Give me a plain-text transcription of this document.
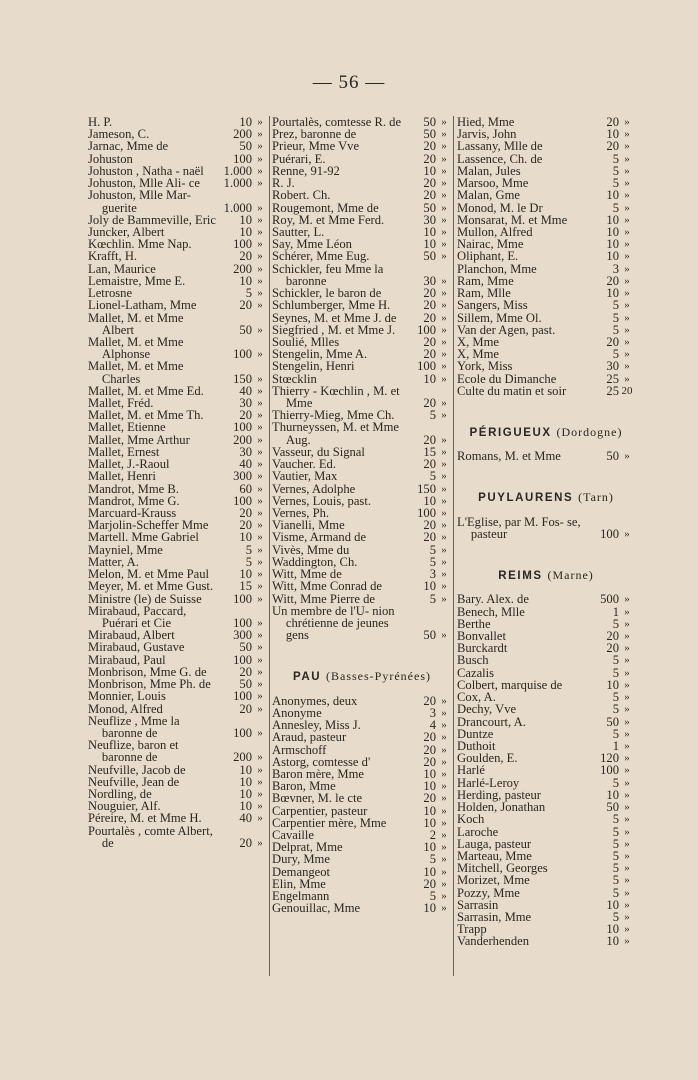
— 56 —
H. P.	10 »
Jameson, C.	200 »
Jarnac, Mme de	50 »
Johuston	100 »
Johuston , Natha - naël	1.000 »
Johuston, Mlle Ali- ce	1.000 »
Johuston, Mlle Mar- guerite	1.000 »
Joly de Bammeville, Eric	10 »
Juncker, Albert	10 »
Kœchlin. Mme Nap.	100 »
Krafft, H.	20 »
Lan, Maurice	200 »
Lemaistre, Mme E.	10 »
Letrosne	5 »
Lionel-Latham, Mme	20 »
Mallet, M. et Mme Albert	50 »
Mallet, M. et Mme Alphonse	100 »
Mallet, M. et Mme Charles	150 »
Mallet, M. et Mme Ed.	40 »
Mallet, Fréd.	30 »
Mallet, M. et Mme Th.	20 »
Mallet, Etienne	100 »
Mallet, Mme Arthur	200 »
Mallet, Ernest	30 »
Mallet, J.-Raoul	40 »
Mallet, Henri	300 »
Mandrot, Mme B.	60 »
Mandrot, Mme G.	100 »
Marcuard-Krauss	20 »
Marjolin-Scheffer Mme	20 »
Martell. Mme Gabriel	10 »
Mayniel, Mme	5 »
Matter, A.	5 »
Melon, M. et Mme Paul	10 »
Meyer, M. et Mme Gust.	15 »
Ministre (le) de Suisse	100 »
Mirabaud, Paccard, Puérari et Cie	100 »
Mirabaud, Albert	300 »
Mirabaud, Gustave	50 »
Mirabaud, Paul	100 »
Monbrison, Mme G. de	20 »
Monbrison, Mme Ph. de	50 »
Monnier, Louis	100 »
Monod, Alfred	20 »
Neuflize , Mme la baronne de	100 »
Neuflize, baron et baronne de	200 »
Neufville, Jacob de	10 »
Neufville, Jean de	10 »
Nordling, de	10 »
Nouguier, Alf.	10 »
Péreire, M. et Mme H.	40 »
Pourtalès , comte Albert, de	20 »
Pourtalès, comtesse R. de	50 »
Prez, baronne de	50 »
Prieur, Mme Vve	20 »
Puérari, E.	20 »
Renne, 91-92	10 »
R. J.	20 »
Robert. Ch.	20 »
Rougemont, Mme de	50 »
Roy, M. et Mme Ferd.	30 »
Sautter, L.	10 »
Say, Mme Léon	10 »
Schérer, Mme Eug.	50 »
Schickler, feu Mme la baronne	30 »
Schickler, le baron de	20 »
Schlumberger, Mme H.	20 »
Seynes, M. et Mme J. de	20 »
Siegfried , M. et Mme J.	100 »
Soulié, Mlles	20 »
Stengelin, Mme A.	20 »
Stengelin, Henri	100 »
Stœcklin	10 »
Thierry - Kœchlin , M. et Mme	20 »
Thierry-Mieg, Mme Ch.	5 »
Thurneyssen, M. et Mme Aug.	20 »
Vasseur, du Signal	15 »
Vaucher. Ed.	20 »
Vautier, Max	5 »
Vernes, Adolphe	150 »
Vernes, Louis, past.	10 »
Vernes, Ph.	100 »
Vianelli, Mme	20 »
Visme, Armand de	20 »
Vivès, Mme du	5 »
Waddington, Ch.	5 »
Witt, Mme de	3 »
Witt, Mme Conrad de	10 »
Witt, Mme Pierre de	5 »
Un membre de l'U- nion chrétienne de jeunes gens	50 »
PAU (Basses-Pyrénées)
Anonymes, deux	20 »
Anonyme	3 »
Annesley, Miss J.	4 »
Araud, pasteur	20 »
Armschoff	20 »
Astorg, comtesse d'	20 »
Baron mère, Mme	10 »
Baron, Mme	10 »
Bœvner, M. le cte	20 »
Carpentier, pasteur	10 »
Carpentier mère, Mme	10 »
Cavaille	2 »
Delprat, Mme	10 »
Dury, Mme	5 »
Demangeot	10 »
Elin, Mme	20 »
Engelmann	5 »
Genouillac, Mme	10 »
Hied, Mme	20 »
Jarvis, John	10 »
Lassany, Mlle de	20 »
Lassence, Ch. de	5 »
Malan, Jules	5 »
Marsoo, Mme	5 »
Malan, Gme	10 »
Monod, M. le Dr	5 »
Monsarat, M. et Mme	10 »
Mullon, Alfred	10 »
Nairac, Mme	10 »
Oliphant, E.	10 »
Planchon, Mme	3 »
Ram, Mme	20 »
Ram, Mlle	10 »
Sangers, Miss	5 »
Sillem, Mme Ol.	5 »
Van der Agen, past.	5 »
X, Mme	20 »
X, Mme	5 »
York, Miss	30 »
Ecole du Dimanche	25 »
Culte du matin et soir	25 20
PÉRIGUEUX (Dordogne)
Romans, M. et Mme	50 »
PUYLAURENS (Tarn)
L'Eglise, par M. Fos- se, pasteur	100 »
REIMS (Marne)
Bary. Alex. de	500 »
Benech, Mlle	1 »
Berthe	5 »
Bonvallet	20 »
Burckardt	20 »
Busch	5 »
Cazalis	5 »
Colbert, marquise de	10 »
Cox, A.	5 »
Dechy, Vve	5 »
Drancourt, A.	50 »
Duntze	5 »
Duthoit	1 »
Goulden, E.	120 »
Harlé	100 »
Harlé-Leroy	5 »
Herding, pasteur	10 »
Holden, Jonathan	50 »
Koch	5 »
Laroche	5 »
Lauga, pasteur	5 »
Marteau, Mme	5 »
Mitchell, Georges	5 »
Morizet, Mme	5 »
Pozzy, Mme	5 »
Sarrasin	10 »
Sarrasin, Mme	5 »
Trapp	10 »
Vanderhenden	10 »
